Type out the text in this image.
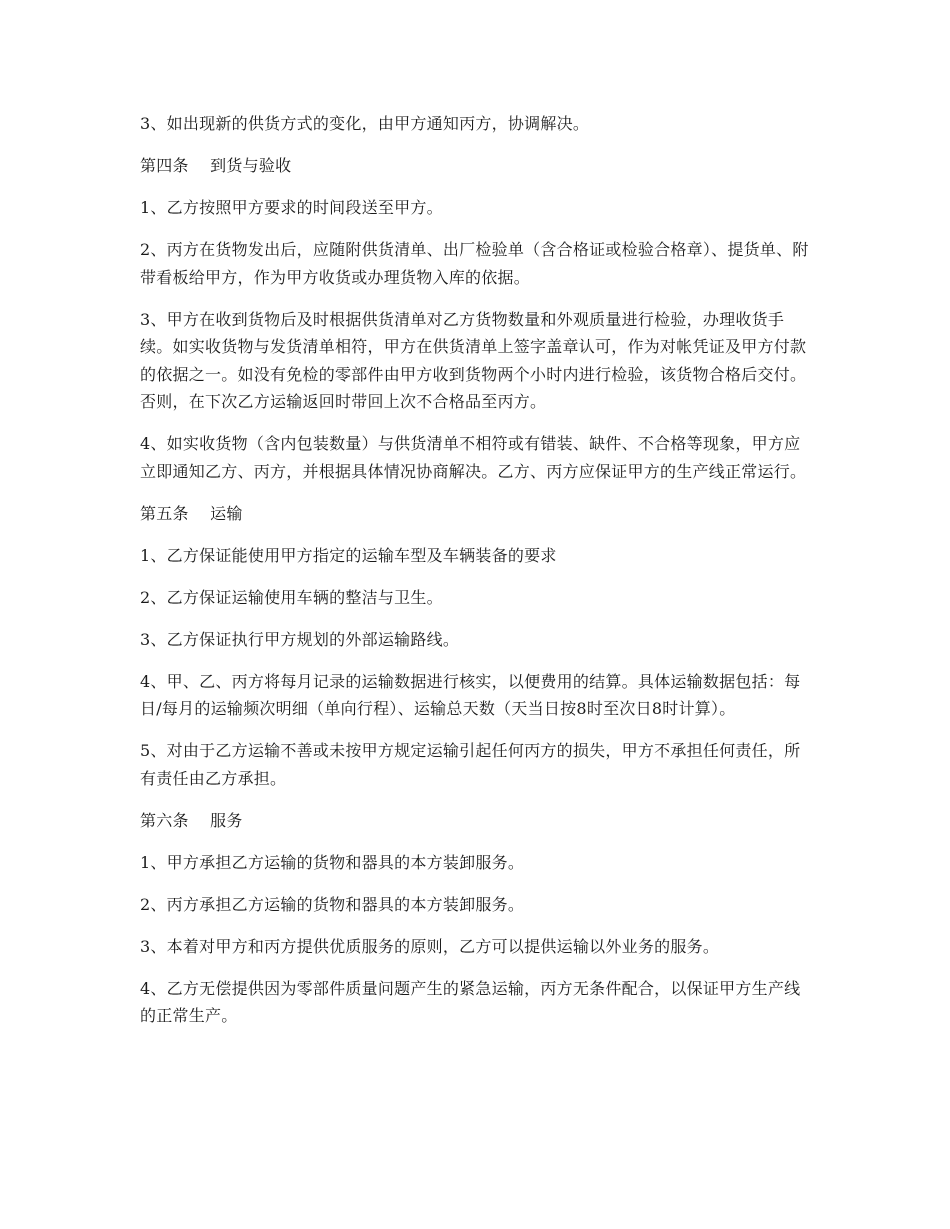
3、如出现新的供货方式的变化，由甲方通知丙方，协调解决。

第四条    到货与验收

1、乙方按照甲方要求的时间段送至甲方。

2、丙方在货物发出后，应随附供货清单、出厂检验单（含合格证或检验合格章）、提货单、附带看板给甲方，作为甲方收货或办理货物入库的依据。

3、甲方在收到货物后及时根据供货清单对乙方货物数量和外观质量进行检验，办理收货手续。如实收货物与发货清单相符，甲方在供货清单上签字盖章认可，作为对帐凭证及甲方付款的依据之一。如没有免检的零部件由甲方收到货物两个小时内进行检验，该货物合格后交付。否则，在下次乙方运输返回时带回上次不合格品至丙方。

4、如实收货物（含内包装数量）与供货清单不相符或有错装、缺件、不合格等现象，甲方应立即通知乙方、丙方，并根据具体情况协商解决。乙方、丙方应保证甲方的生产线正常运行。

第五条    运输

1、乙方保证能使用甲方指定的运输车型及车辆装备的要求

2、乙方保证运输使用车辆的整洁与卫生。

3、乙方保证执行甲方规划的外部运输路线。

4、甲、乙、丙方将每月记录的运输数据进行核实，以便费用的结算。具体运输数据包括：每日/每月的运输频次明细（单向行程）、运输总天数（天当日按8时至次日8时计算）。

5、对由于乙方运输不善或未按甲方规定运输引起任何丙方的损失，甲方不承担任何责任，所有责任由乙方承担。

第六条    服务

1、甲方承担乙方运输的货物和器具的本方装卸服务。

2、丙方承担乙方运输的货物和器具的本方装卸服务。

3、本着对甲方和丙方提供优质服务的原则，乙方可以提供运输以外业务的服务。

4、乙方无偿提供因为零部件质量问题产生的紧急运输，丙方无条件配合，以保证甲方生产线的正常生产。
